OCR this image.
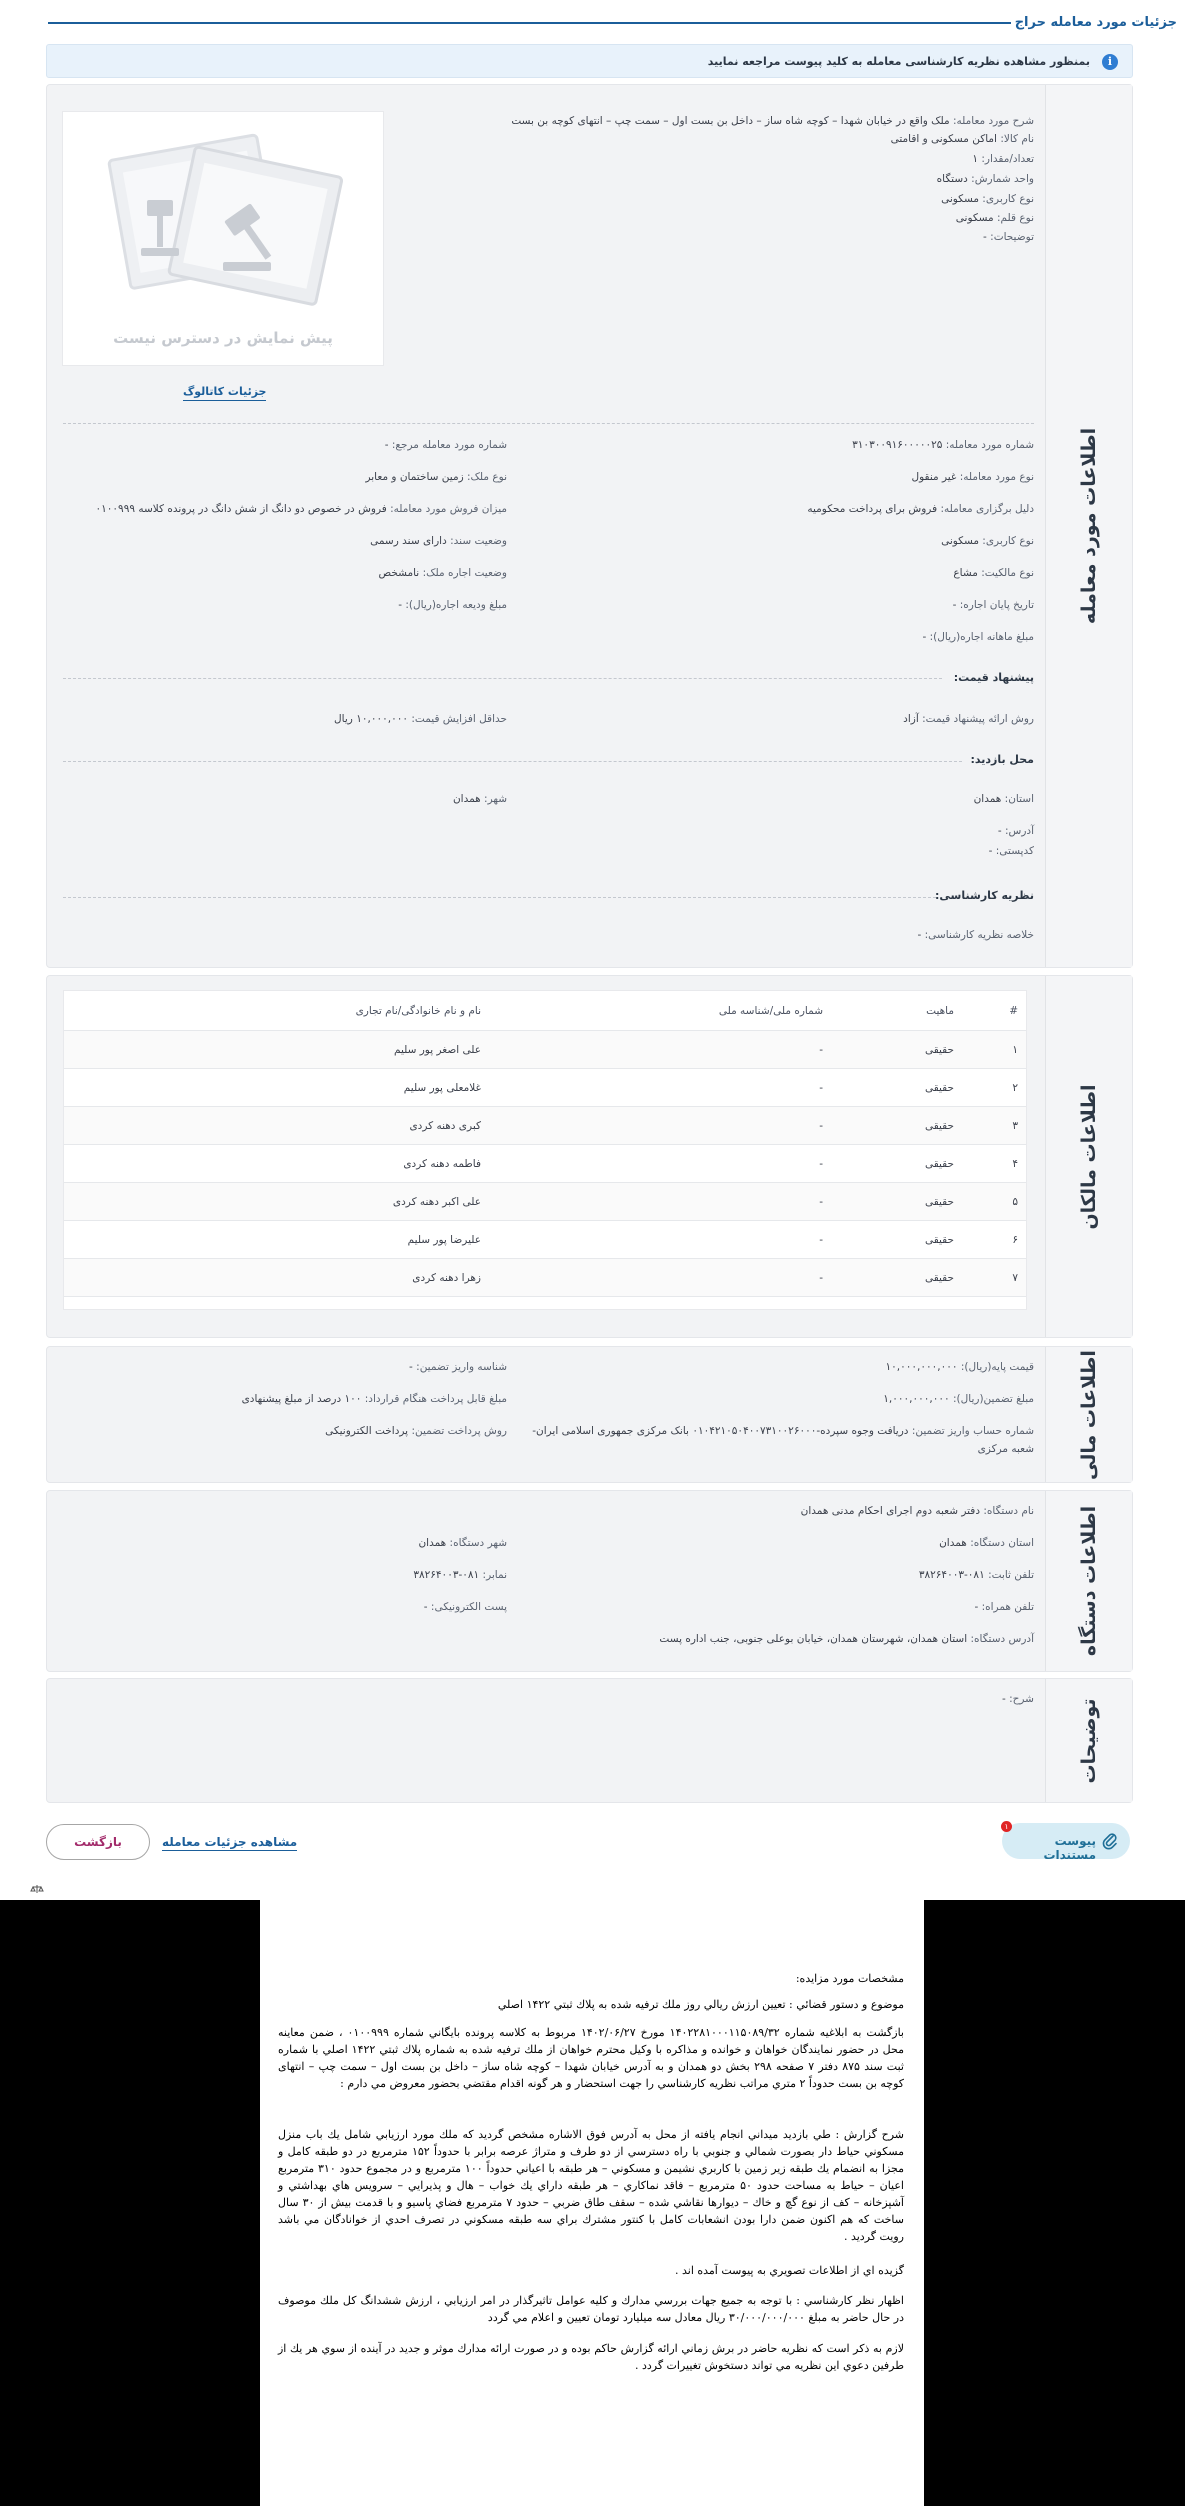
جزئیات مورد معامله حراج
i
بمنظور مشاهده نظریه کارشناسی معامله به کلید پیوست مراجعه نمایید
اطلاعات مورد معامله
شرح مورد معامله: ملک واقع در خیابان شهدا – کوچه شاه ساز – داخل بن بست اول – سمت چپ – انتهای کوچه بن بست
نام کالا: اماکن مسکونی و اقامتی
تعداد/مقدار: ۱
واحد شمارش: دستگاه
نوع کاربری: مسکونی
نوع قلم: مسکونی
توضیحات: -
پیش نمایش در دسترس نیست
جزئیات کاتالوگ
شماره مورد معامله: ۳۱۰۳۰۰۹۱۶۰۰۰۰۰۲۵
شماره مورد معامله مرجع: -
نوع مورد معامله: غیر منقول
نوع ملک: زمین ساختمان و معابر
دلیل برگزاری معامله: فروش برای پرداخت محکومیه
میزان فروش مورد معامله: فروش در خصوص دو دانگ از شش دانگ در پرونده کلاسه ۰۱۰۰۹۹۹
نوع کاربری: مسکونی
وضعیت سند: دارای سند رسمی
نوع مالکیت: مشاع
وضعیت اجاره ملک: نامشخص
تاریخ پایان اجاره: -
مبلغ ودیعه اجاره(ریال): -
مبلغ ماهانه اجاره(ریال): -
پیشنهاد قیمت:
روش ارائه پیشنهاد قیمت: آزاد
حداقل افزایش قیمت: ۱۰,۰۰۰,۰۰۰ ریال
محل بازدید:
استان: همدان
شهر: همدان
آدرس: -
کدپستی: -
نظریه کارشناسی:
خلاصه نظریه کارشناسی: -
اطلاعات مالکان
#
ماهیت
شماره ملی/شناسه ملی
نام و نام خانوادگی/نام تجاری
۱
حقیقی
-
علی اصغر پور سلیم
۲
حقیقی
-
غلامعلی پور سلیم
۳
حقیقی
-
کبری دهنه کردی
۴
حقیقی
-
فاطمه دهنه کردی
۵
حقیقی
-
علی اکبر دهنه کردی
۶
حقیقی
-
علیرضا پور سلیم
۷
حقیقی
-
زهرا دهنه کردی
اطلاعات مالی
قیمت پایه(ریال): ۱۰,۰۰۰,۰۰۰,۰۰۰
شناسه واریز تضمین: -
مبلغ تضمین(ریال): ۱,۰۰۰,۰۰۰,۰۰۰
مبلغ قابل پرداخت هنگام قرارداد: ۱۰۰ درصد از مبلغ پیشنهادی
شماره حساب واریز تضمین: دریافت وجوه سپرده-۰۱۰۴۲۱۰۵۰۴۰۰۷۳۱۰۰۲۶۰۰۰ بانک مرکزی جمهوری اسلامی ایران-
شعبه مرکزی
روش پرداخت تضمین: پرداخت الکترونیکی
اطلاعات دستگاه
نام دستگاه: دفتر شعبه دوم اجرای احکام مدنی همدان
استان دستگاه: همدان
شهر دستگاه: همدان
تلفن ثابت: ۰۸۱-۳۸۲۶۴۰۰۳
نمابر: ۰۸۱-۳۸۲۶۴۰۰۳
تلفن همراه: -
پست الکترونیکی: -
آدرس دستگاه: استان همدان، شهرستان همدان، خیابان بوعلی جنوبی، جنب اداره پست
توضیحات
شرح: -
پیوست مستندات
۱
مشاهده جزئیات معامله
بازگشت
مشخصات مورد مزايده:
موضوع و دستور قضائي : تعيين ارزش ريالي روز ملك ترفيه شده به پلاك ثبتي ۱۴۲۲ اصلي
بازگشت به ابلاغيه شماره ۱۴۰۲۲۸۱۰۰۰۱۱۵۰۸۹/۳۲ مورخ ۱۴۰۲/۰۶/۲۷ مربوط به كلاسه پرونده بايگاني شماره ۰۱۰۰۹۹۹ ، ضمن معاينه محل در حضور نمايندگان خواهان و خوانده و مذاكره با وكيل محترم خواهان از ملك ترفيه شده به شماره پلاك ثبتي ۱۴۲۲ اصلي با شماره ثبت سند ۸۷۵ دفتر ۷ صفحه ۲۹۸ بخش دو همدان و به آدرس خيابان شهدا – كوچه شاه ساز – داخل بن بست اول – سمت چپ – انتهای كوچه بن بست حدوداً ۲ متري مراتب نظريه كارشناسي را جهت استحضار و هر گونه اقدام مقتضي بحضور معروض مي دارم :
شرح گزارش : طي بازديد ميداني انجام يافته از محل به آدرس فوق الاشاره مشخص گرديد كه ملك مورد ارزيابي شامل يك باب منزل مسكوني حياط دار بصورت شمالي و جنوبي با راه دسترسي از دو طرف و متراژ عرصه برابر با حدوداً ۱۵۲ مترمربع در دو طبقه كامل و مجزا به انضمام يك طبقه زير زمين با كاربري نشيمن و مسكوني – هر طبقه با اعياني حدوداً ۱۰۰ مترمربع و در مجموع حدود ۳۱۰ مترمربع اعيان – حياط به مساحت حدود ۵۰ مترمربع – فاقد نماكاري – هر طبقه داراي يك خواب – هال و پذيرايي – سرويس هاي بهداشتي و آشپزخانه – كف از نوع گچ و خاك – ديوارها نقاشي شده – سقف طاق ضربي – حدود ۷ مترمربع فضاي پاسيو و با قدمت بيش از ۳۰ سال ساخت كه هم اكنون ضمن دارا بودن انشعابات كامل با كنتور مشترك براي سه طبقه مسكوني در تصرف احدي از خوانادگان مي باشد رويت گرديد .
گزيده اي از اطلاعات تصويري به پيوست آمده اند .
اظهار نظر كارشناسي : با توجه به جميع جهات بررسي مدارك و كليه عوامل تاثيرگذار در امر ارزيابي ، ارزش ششدانگ كل ملك موصوف در حال حاضر به مبلغ ۳۰/۰۰۰/۰۰۰/۰۰۰ ريال معادل سه ميليارد تومان تعيين و اعلام مي گردد
لازم به ذكر است كه نظريه حاضر در برش زماني ارائه گزارش حاكم بوده و در صورت ارائه مدارك موثر و جديد در آينده از سوي هر يك از طرفين دعوي اين نظريه مي تواند دستخوش تغييرات گردد .
